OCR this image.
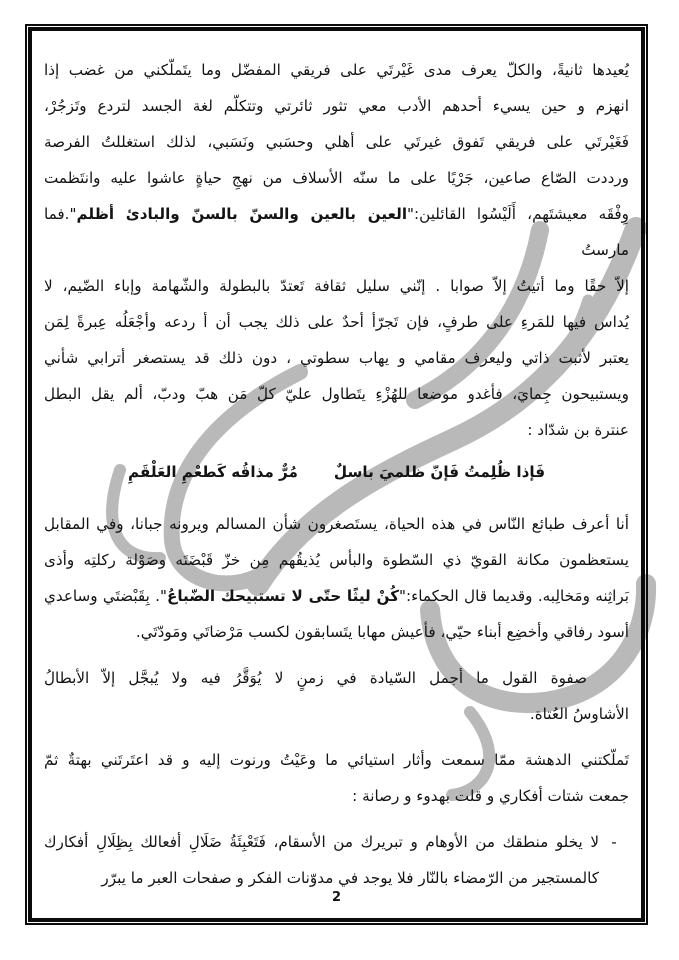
يُعيدها ثانيةً، والكلّ يعرف مدى غَيْرتَي على فريقي المفضّل وما يتَملّكني من غضب إذا
انهزم و حين يسيء أحدهم الأدب معي تثور ثائرتي وتتكلّم لغة الجسد لتردع وتَزجُرْ،
فَغَيْرتَي على فريقي تَفوق غيرتَي على أهلي وحسَبي ونَسَبي، لذلك استغللتُ الفرصة
ورددت الصّاع صاعين، جَرْيًا على ما سنّه الأسلاف من نهجِ حياةٍ عاشوا عليه وانتَظمت
وِفْقَه معيشتَهم، أَلَيْسُوا القائلين:"العين بالعين والسنّ بالسنّ والبادئ أظلم".فما مارستُ
إلاّ حقًا وما أتيتُ إلاّ صوابا . إنّني سليل ثقافة تَعتدّ بالبطولة والشّهامة وإباء الضّيم، لا
يُداس فيها للمَرءِ على طرفٍ، فإن تَجرّأ أحدٌ على ذلك يجب أن أ ردعه وأجْعَلُه عِبرةً لِمَن
يعتبر لأثبت ذاتي وليعرف مقامي و يهاب سطوتي ، دون ذلك قد يستصغر أترابي شأني
ويستبيحون جِمايَ، فأغدو موضعا للهُزْءِ يتَطاول عليّ كلّ مَن هبّ ودبّ، ألم يقل البطل
عنترة بن شدّاد :
فَإذا ظُلِمتُ فَإنّ ظلميَ باسلٌ
مُرٌّ مذاقُه كَطعْمِ العَلْقَمِ
أنا أعرف طبائع النّاس في هذه الحياة، يستَصغرون شأن المسالم ويرونه جبانا، وفي المقابل
يستعظمون مكانة القويّ ذي السّطوة والبأس يُذيقُهم مِن خزّ قَبْضَتَه وصَوْلة ركلتِه وأذى
بَراثِنه ومَخالِبه. وقديما قال الحكماء:"كُنْ ليثًا حتّى لا تستبيحك الضّباعُ". بِقَبْضتَي وساعدي
أسود رفاقي وأخضِع أبناء حيّي، فأعيش مهابا يتَسابقون لكسب مَرْضاتَي ومَودّتَي.
صفوة القول ما أجمل السّيادة في زمنٍ لا يُوَقَّرُ فيه ولا يُبجَّل إلاّ الأبطالُ
الأشاوسُ العُتاة.
تَملّكتني الدهشة ممّا سمعت وأثار استيائي ما وعَيْتُ ورنوت إليه و قد اعتَرتَني بهتةٌ ثمّ
جمعت شتات أفكاري و قلت بهدوء و رصانة :
-
لا يخلو منطقك من الأوهام و تبريرك من الأسقام، فَتَعْبِئَةُ ضَلَالِ أفعالك بِظِلَالِ أفكارك
كالمستجير من الرّمضاء بالنّار فلا يوجد في مدوّنات الفكر و صفحات العبر ما يبرّر
2
